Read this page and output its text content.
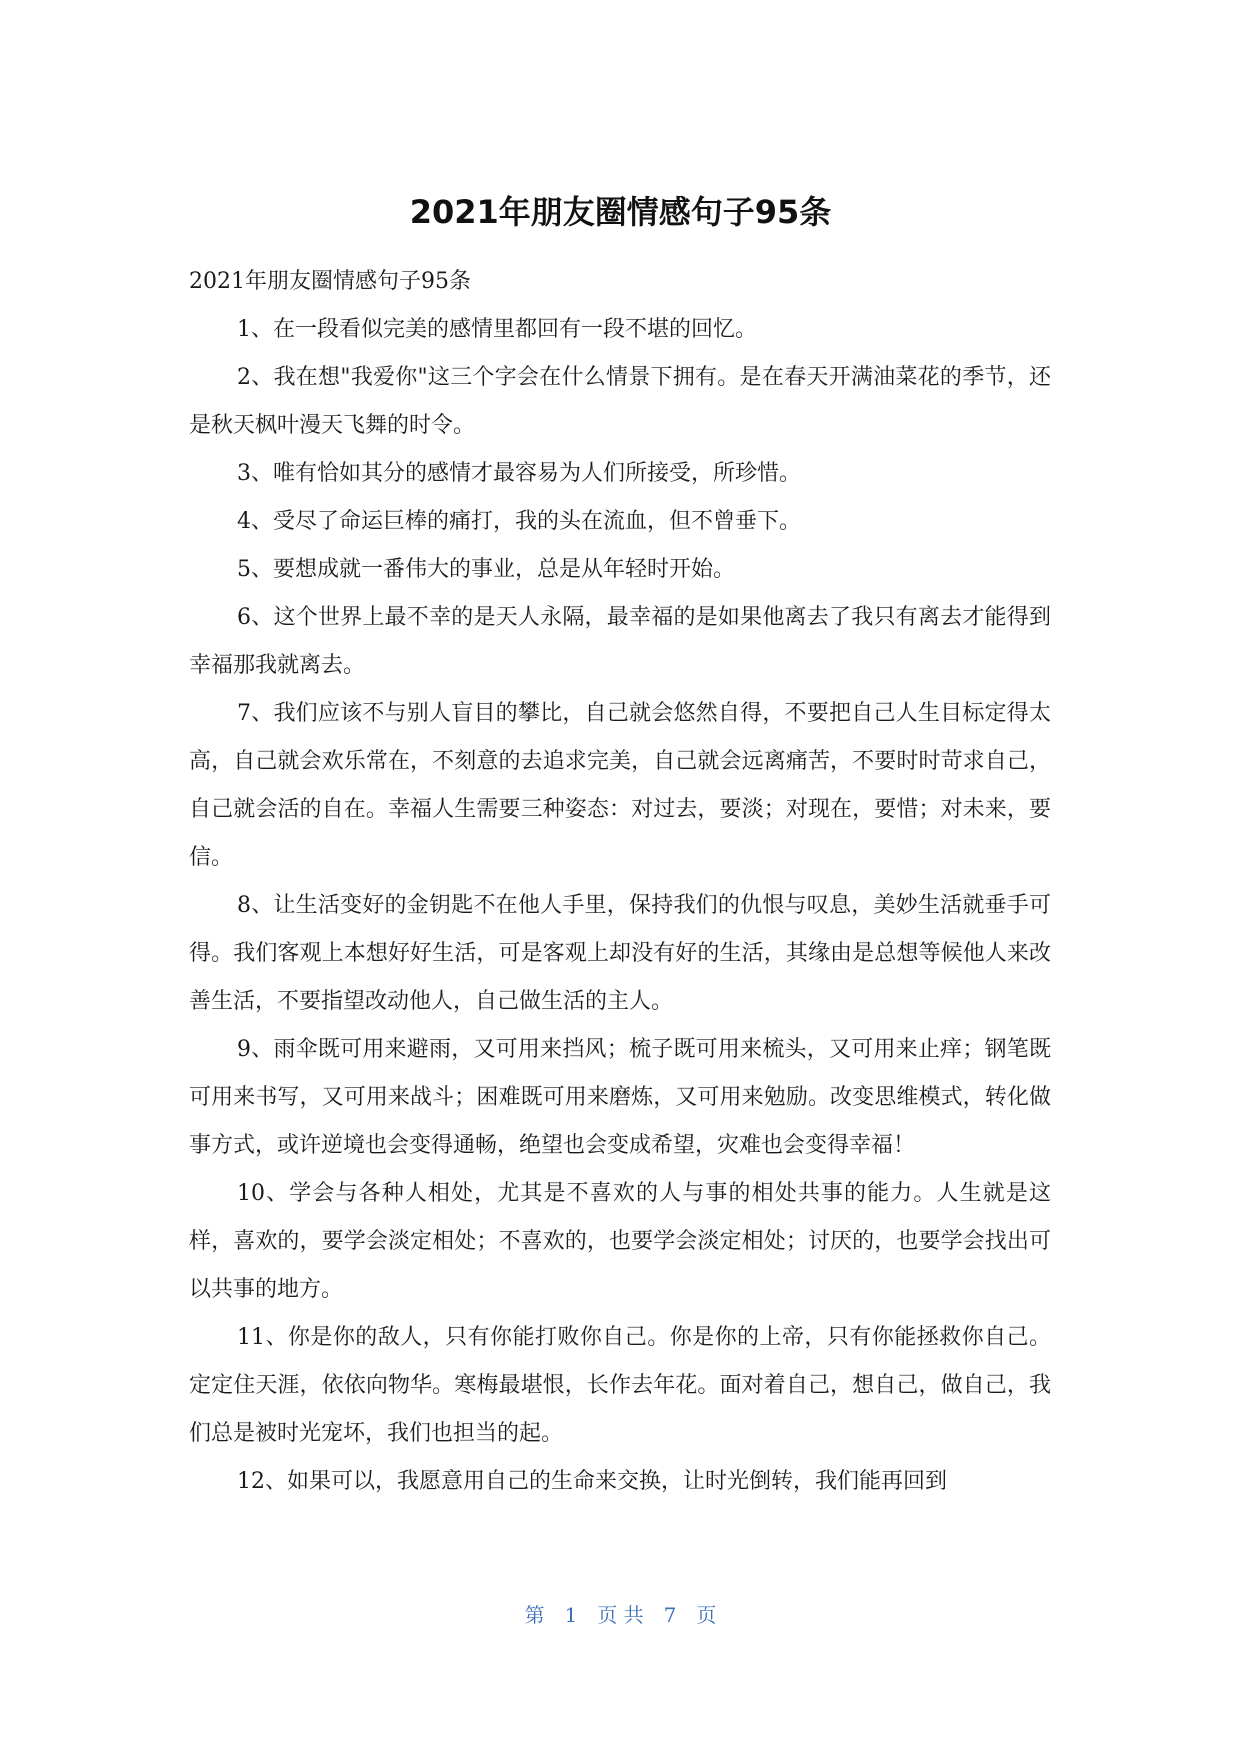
2021年朋友圈情感句子95条

2021年朋友圈情感句子95条

1、在一段看似完美的感情里都回有一段不堪的回忆。

2、我在想"我爱你"这三个字会在什么情景下拥有。是在春天开满油菜花的季节，还是秋天枫叶漫天飞舞的时令。

3、唯有恰如其分的感情才最容易为人们所接受，所珍惜。

4、受尽了命运巨棒的痛打，我的头在流血，但不曾垂下。

5、要想成就一番伟大的事业，总是从年轻时开始。

6、这个世界上最不幸的是天人永隔，最幸福的是如果他离去了我只有离去才能得到幸福那我就离去。

7、我们应该不与别人盲目的攀比，自己就会悠然自得，不要把自己人生目标定得太高，自己就会欢乐常在，不刻意的去追求完美，自己就会远离痛苦，不要时时苛求自己，自己就会活的自在。幸福人生需要三种姿态：对过去，要淡；对现在，要惜；对未来，要信。

8、让生活变好的金钥匙不在他人手里，保持我们的仇恨与叹息，美妙生活就垂手可得。我们客观上本想好好生活，可是客观上却没有好的生活，其缘由是总想等候他人来改善生活，不要指望改动他人，自己做生活的主人。

9、雨伞既可用来避雨，又可用来挡风；梳子既可用来梳头，又可用来止痒；钢笔既可用来书写，又可用来战斗；困难既可用来磨炼，又可用来勉励。改变思维模式，转化做事方式，或许逆境也会变得通畅，绝望也会变成希望，灾难也会变得幸福！

10、学会与各种人相处，尤其是不喜欢的人与事的相处共事的能力。人生就是这样，喜欢的，要学会淡定相处；不喜欢的，也要学会淡定相处；讨厌的，也要学会找出可以共事的地方。

11、你是你的敌人，只有你能打败你自己。你是你的上帝，只有你能拯救你自己。定定住天涯，依依向物华。寒梅最堪恨，长作去年花。面对着自己，想自己，做自己，我们总是被时光宠坏，我们也担当的起。

12、如果可以，我愿意用自己的生命来交换，让时光倒转，我们能再回到

第 1 页 共 7 页
